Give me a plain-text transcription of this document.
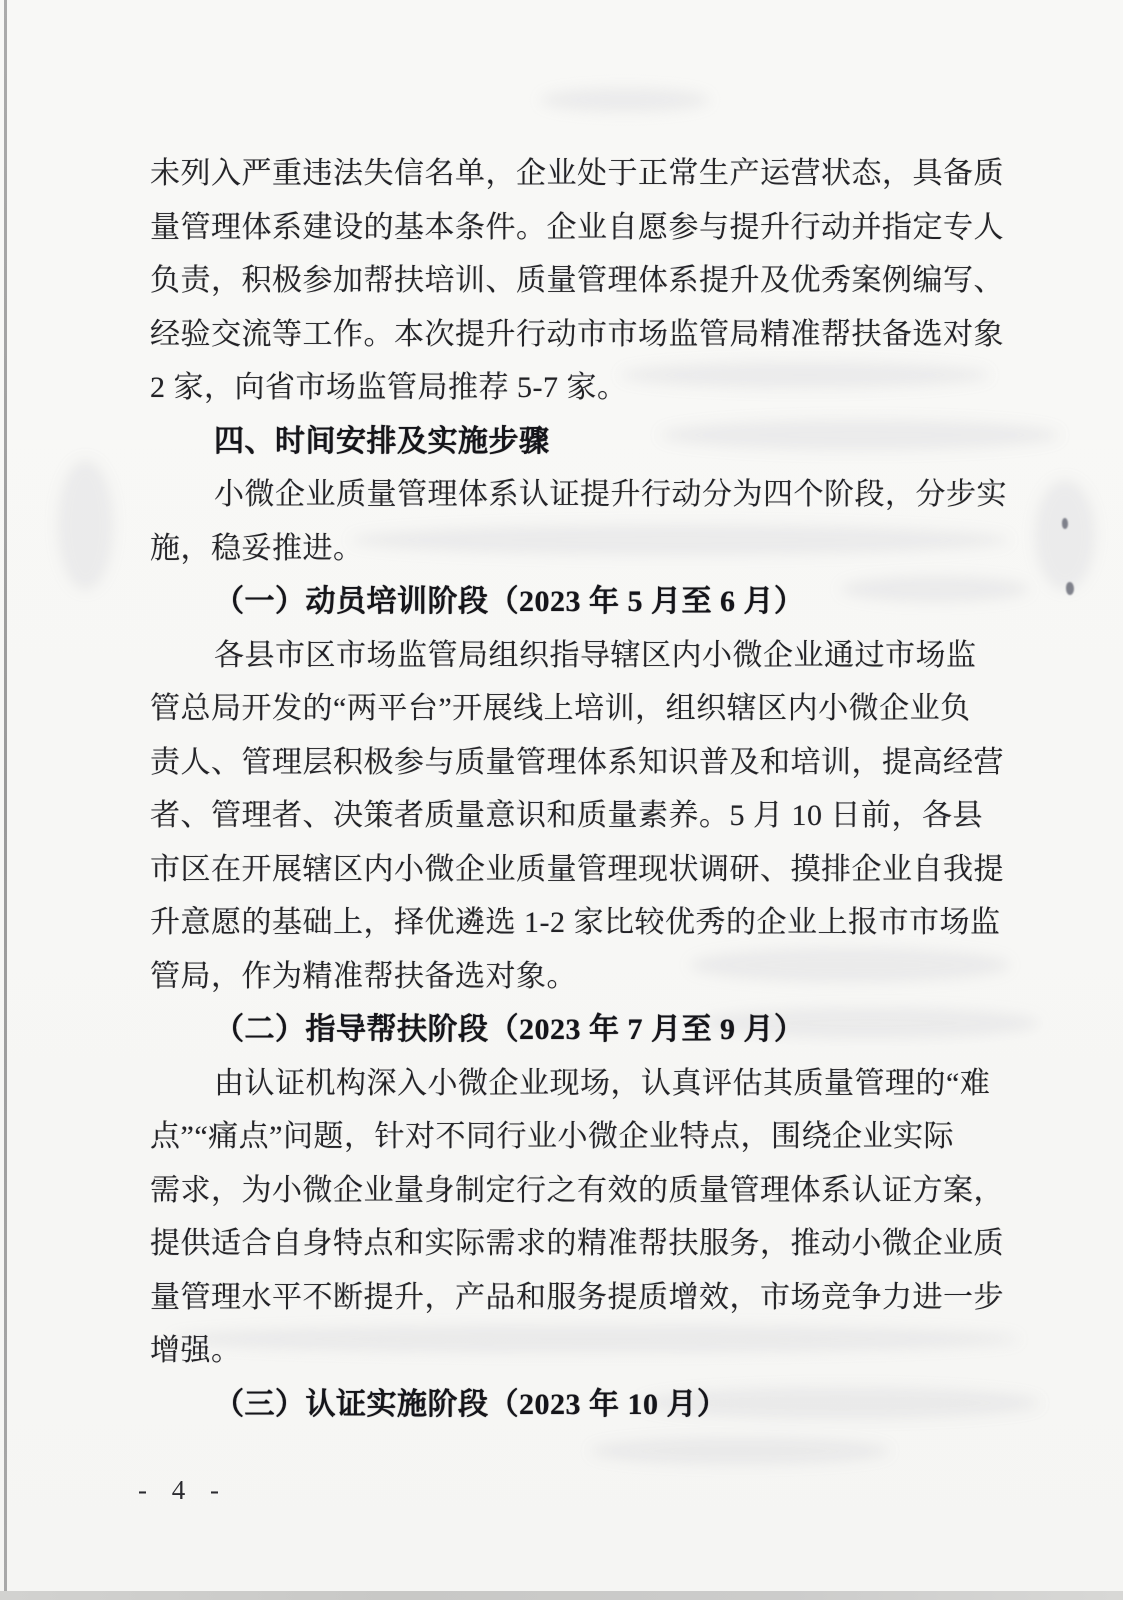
未列入严重违法失信名单，企业处于正常生产运营状态，具备质
量管理体系建设的基本条件。企业自愿参与提升行动并指定专人
负责，积极参加帮扶培训、质量管理体系提升及优秀案例编写、
经验交流等工作。本次提升行动市市场监管局精准帮扶备选对象
2 家，向省市场监管局推荐 5-7 家。
四、时间安排及实施步骤
小微企业质量管理体系认证提升行动分为四个阶段，分步实
施，稳妥推进。
（一）动员培训阶段（2023 年 5 月至 6 月）
各县市区市场监管局组织指导辖区内小微企业通过市场监
管总局开发的“两平台”开展线上培训，组织辖区内小微企业负
责人、管理层积极参与质量管理体系知识普及和培训，提高经营
者、管理者、决策者质量意识和质量素养。5 月 10 日前，各县
市区在开展辖区内小微企业质量管理现状调研、摸排企业自我提
升意愿的基础上，择优遴选 1-2 家比较优秀的企业上报市市场监
管局，作为精准帮扶备选对象。
（二）指导帮扶阶段（2023 年 7 月至 9 月）
由认证机构深入小微企业现场，认真评估其质量管理的“难
点”“痛点”问题，针对不同行业小微企业特点，围绕企业实际
需求，为小微企业量身制定行之有效的质量管理体系认证方案，
提供适合自身特点和实际需求的精准帮扶服务，推动小微企业质
量管理水平不断提升，产品和服务提质增效，市场竞争力进一步
增强。
（三）认证实施阶段（2023 年 10 月）
- 4 -
